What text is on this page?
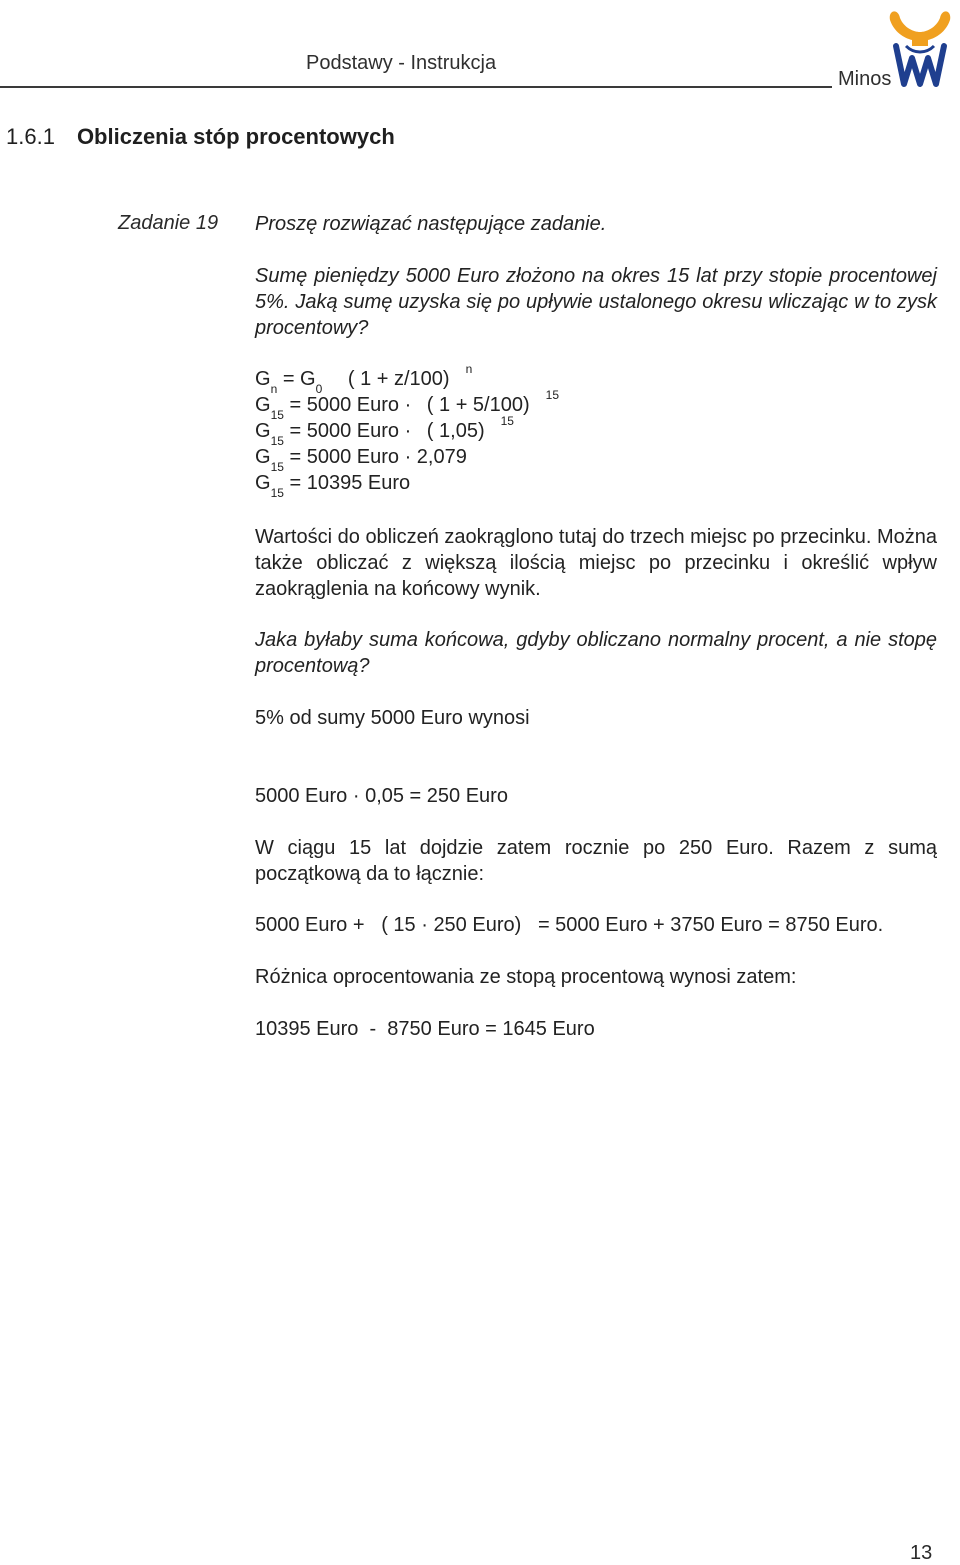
Podstawy - Instrukcja
Minos
1.6.1 Obliczenia stóp procentowych
Zadanie 19 Proszę rozwiązać następujące zadanie.
Sumę pieniędzy 5000 Euro złożono na okres 15 lat przy stopie procentowej 5%. Jaką sumę uzyska się po upływie ustalonego okresu wliczając w to zysk procentowy?
$G_n = G_0$ ( 1 + z/100) $^n$
$G_{15} = 5000$ Euro · ( 1 + 5/100) $^{15}$
$G_{15} = 5000$ Euro · ( 1,05) $^{15}$
$G_{15} = 5000$ Euro · 2,079
$G_{15} = 10395$ Euro
Wartości do obliczeń zaokrąglono tutaj do trzech miejsc po przecinku. Można także obliczać z większą ilością miejsc po przecinku i określić wpływ zaokrąglenia na końcowy wynik.
Jaka byłaby suma końcowa, gdyby obliczano normalny procent, a nie stopę procentową?
5% od sumy 5000 Euro wynosi
5000 Euro · 0,05 = 250 Euro
W ciągu 15 lat dojdzie zatem rocznie po 250 Euro. Razem z sumą początkową da to łącznie:
5000 Euro +   ( 15 · 250 Euro)   = 5000 Euro + 3750 Euro = 8750 Euro.
Różnica oprocentowania ze stopą procentową wynosi zatem:
10395 Euro  -  8750 Euro = 1645 Euro
13
